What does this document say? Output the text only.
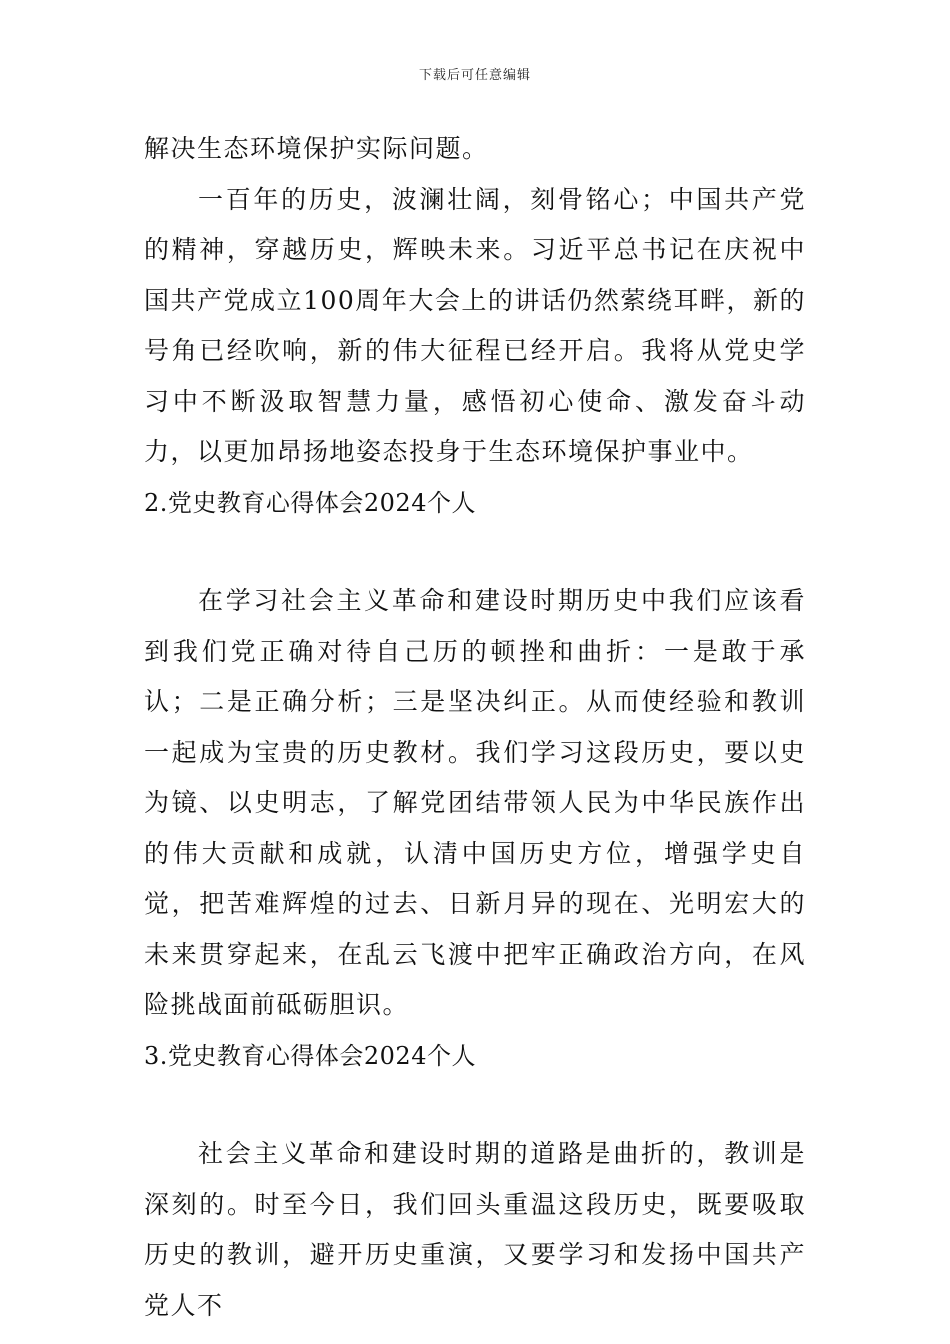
下载后可任意编辑

解决生态环境保护实际问题。

一百年的历史，波澜壮阔，刻骨铭心；中国共产党的精神，穿越历史，辉映未来。习近平总书记在庆祝中国共产党成立100周年大会上的讲话仍然萦绕耳畔，新的号角已经吹响，新的伟大征程已经开启。我将从党史学习中不断汲取智慧力量，感悟初心使命、激发奋斗动力，以更加昂扬地姿态投身于生态环境保护事业中。

2.党史教育心得体会2024个人

在学习社会主义革命和建设时期历史中我们应该看到我们党正确对待自己历的顿挫和曲折：一是敢于承认；二是正确分析；三是坚决纠正。从而使经验和教训一起成为宝贵的历史教材。我们学习这段历史，要以史为镜、以史明志，了解党团结带领人民为中华民族作出的伟大贡献和成就，认清中国历史方位，增强学史自觉，把苦难辉煌的过去、日新月异的现在、光明宏大的未来贯穿起来，在乱云飞渡中把牢正确政治方向，在风险挑战面前砥砺胆识。

3.党史教育心得体会2024个人

社会主义革命和建设时期的道路是曲折的，教训是深刻的。时至今日，我们回头重温这段历史，既要吸取历史的教训，避开历史重演，又要学习和发扬中国共产党人不
